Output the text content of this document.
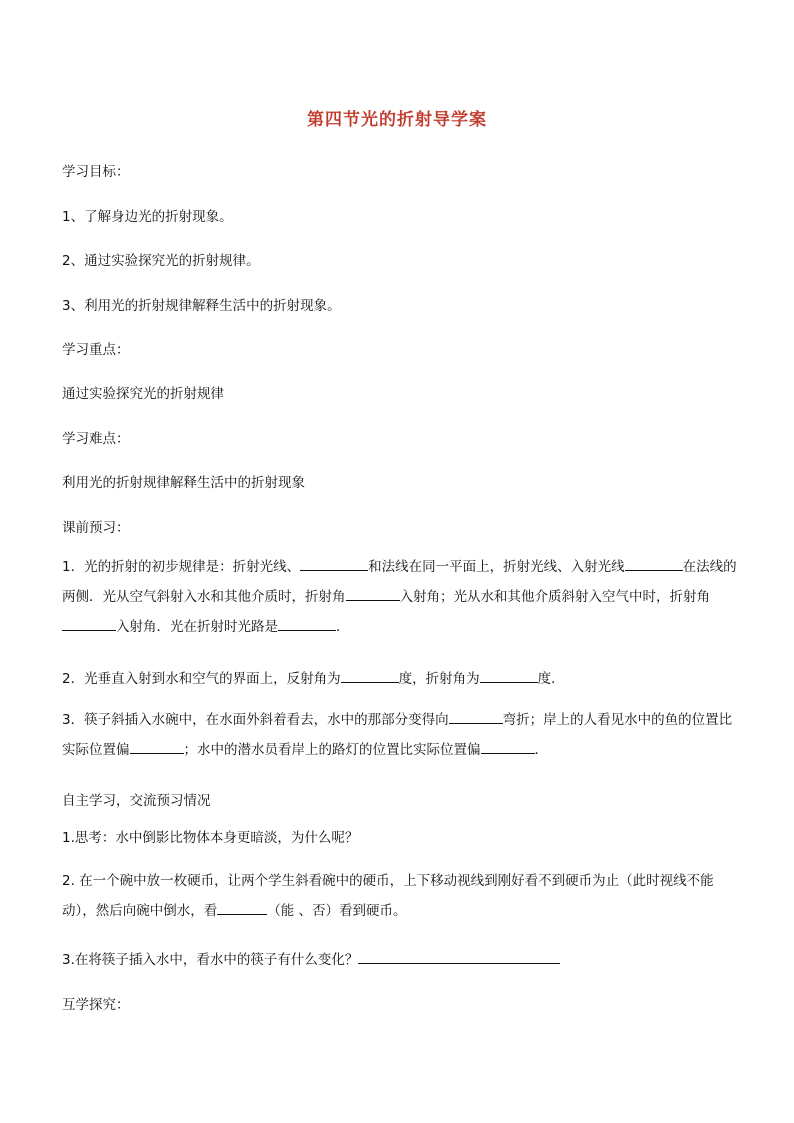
第四节光的折射导学案
学习目标：
1、了解身边光的折射现象。
2、通过实验探究光的折射规律。
3、利用光的折射规律解释生活中的折射现象。
学习重点：
通过实验探究光的折射规律
学习难点：
利用光的折射规律解释生活中的折射现象
课前预习：
1．光的折射的初步规律是：折射光线、	和法线在同一平面上，折射光线、入射光线	在法线的两侧．光从空气斜射入水和其他介质时，折射角	入射角；光从水和其他介质斜射入空气中时，折射角入射角．光在折射时光路是	．
2．光垂直入射到水和空气的界面上，反射角为	度，折射角为	度．
3．筷子斜插入水碗中，在水面外斜着看去，水中的那部分变得向	弯折；岸上的人看见水中的鱼的位置比实际位置偏	；水中的潜水员看岸上的路灯的位置比实际位置偏	．
自主学习，交流预习情况
1.思考：水中倒影比物体本身更暗淡，为什么呢？
2. 在一个碗中放一枚硬币，让两个学生斜看碗中的硬币，上下移动视线到刚好看不到硬币为止（此时视线不能动），然后向碗中倒水，看	（能 、否）看到硬币。
3.在将筷子插入水中，看水中的筷子有什么变化？
互学探究：
